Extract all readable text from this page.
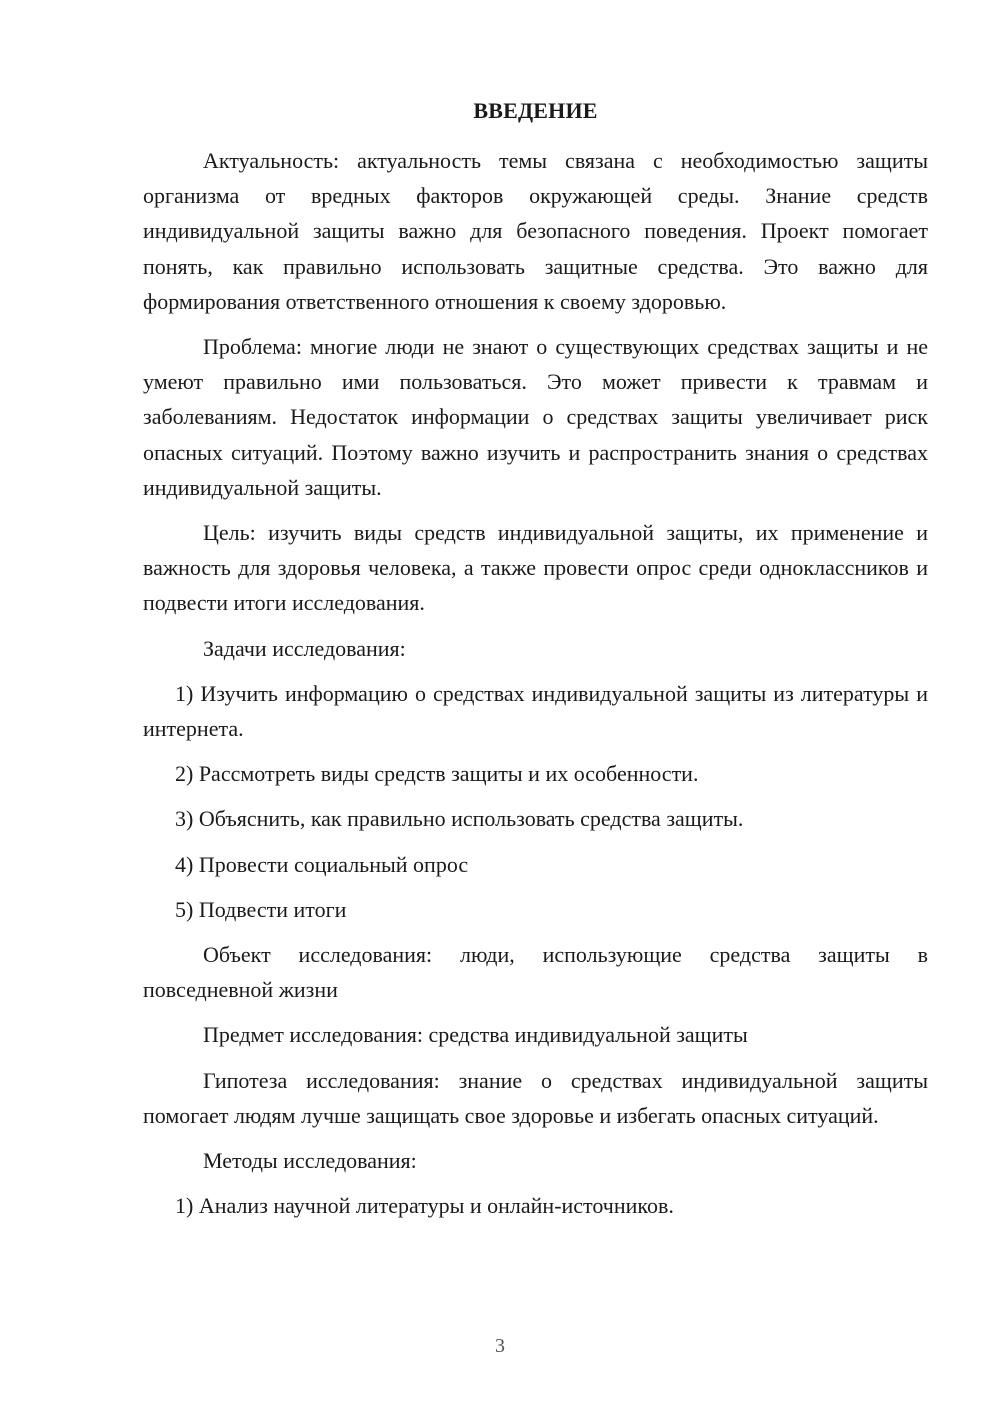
ВВЕДЕНИЕ

Актуальность: актуальность темы связана с необходимостью защиты организма от вредных факторов окружающей среды. Знание средств индивидуальной защиты важно для безопасного поведения. Проект помогает понять, как правильно использовать защитные средства. Это важно для формирования ответственного отношения к своему здоровью.

Проблема: многие люди не знают о существующих средствах защиты и не умеют правильно ими пользоваться. Это может привести к травмам и заболеваниям. Недостаток информации о средствах защиты увеличивает риск опасных ситуаций. Поэтому важно изучить и распространить знания о средствах индивидуальной защиты.

Цель: изучить виды средств индивидуальной защиты, их применение и важность для здоровья человека, а также провести опрос среди одноклассников и подвести итоги исследования.

Задачи исследования:

1) Изучить информацию о средствах индивидуальной защиты из литературы и интернета.

2) Рассмотреть виды средств защиты и их особенности.

3) Объяснить, как правильно использовать средства защиты.

4) Провести социальный опрос

5) Подвести итоги

Объект исследования: люди, использующие средства защиты в повседневной жизни

Предмет исследования: средства индивидуальной защиты

Гипотеза исследования: знание о средствах индивидуальной защиты помогает людям лучше защищать свое здоровье и избегать опасных ситуаций.

Методы исследования:

1) Анализ научной литературы и онлайн-источников.

3
